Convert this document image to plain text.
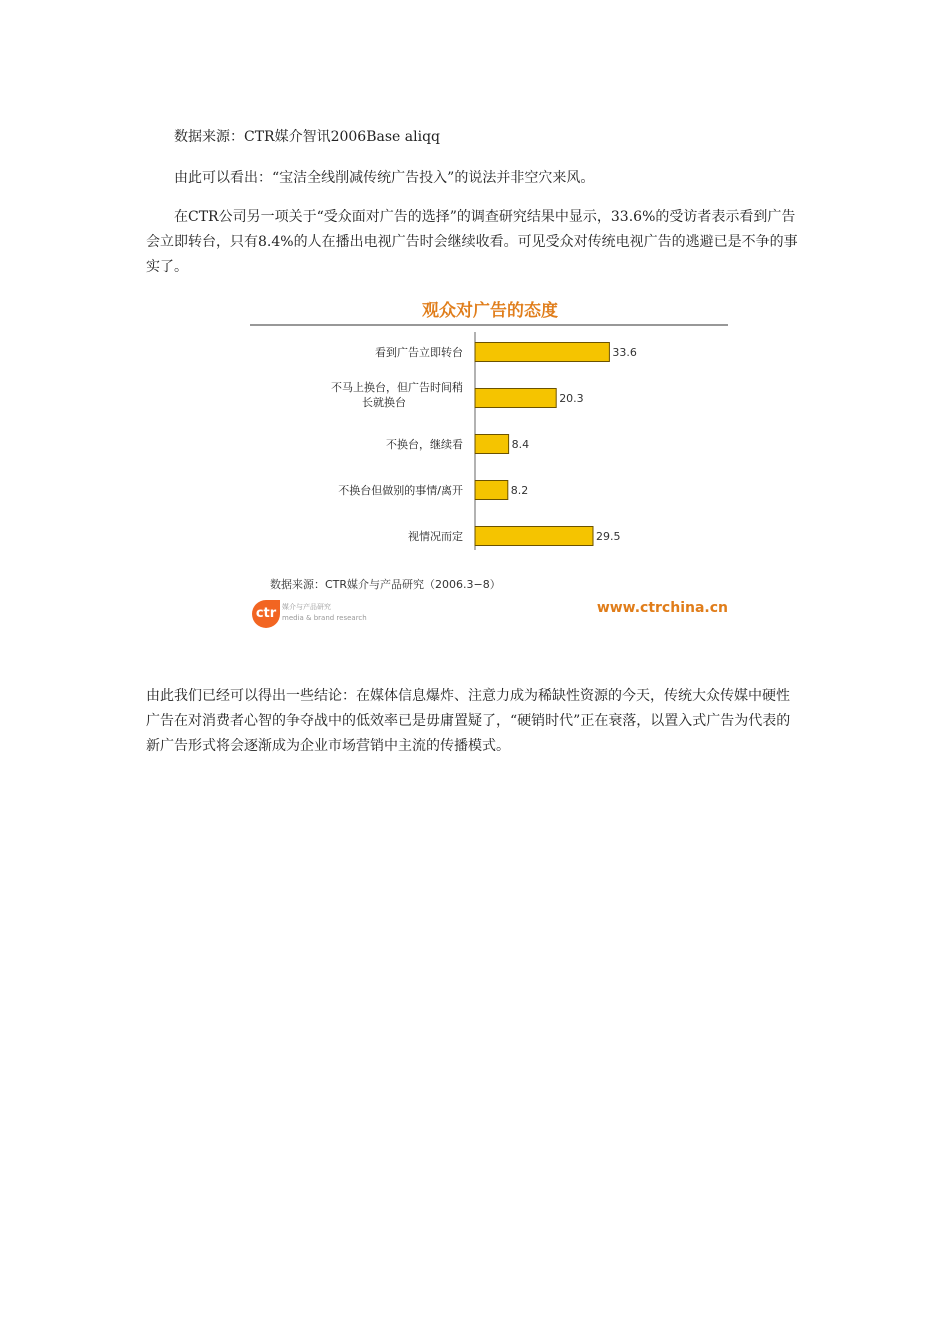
数据来源：CTR媒介智讯2006Base aliqq

由此可以看出：“宝洁全线削减传统广告投入”的说法并非空穴来风。

在CTR公司另一项关于“受众面对广告的选择”的调查研究结果中显示，33.6%的受访者表示看到广告会立即转台，只有8.4%的人在播出电视广告时会继续收看。可见受众对传统电视广告的逃避已是不争的事实了。

33.6
看到广告立即转台
20.3
不马上换台，但广告时间稍
长就换台
8.4
不换台，继续看
8.2
不换台但做别的事情/离开
29.5
视情况而定
观众对广告的态度
数据来源：CTR媒介与产品研究（2006.3−8）
ctr 媒介与产品研究
media & brand research
www.ctrchina.cn

由此我们已经可以得出一些结论：在媒体信息爆炸、注意力成为稀缺性资源的今天，传统大众传媒中硬性广告在对消费者心智的争夺战中的低效率已是毋庸置疑了，“硬销时代”正在衰落，以置入式广告为代表的新广告形式将会逐渐成为企业市场营销中主流的传播模式。
